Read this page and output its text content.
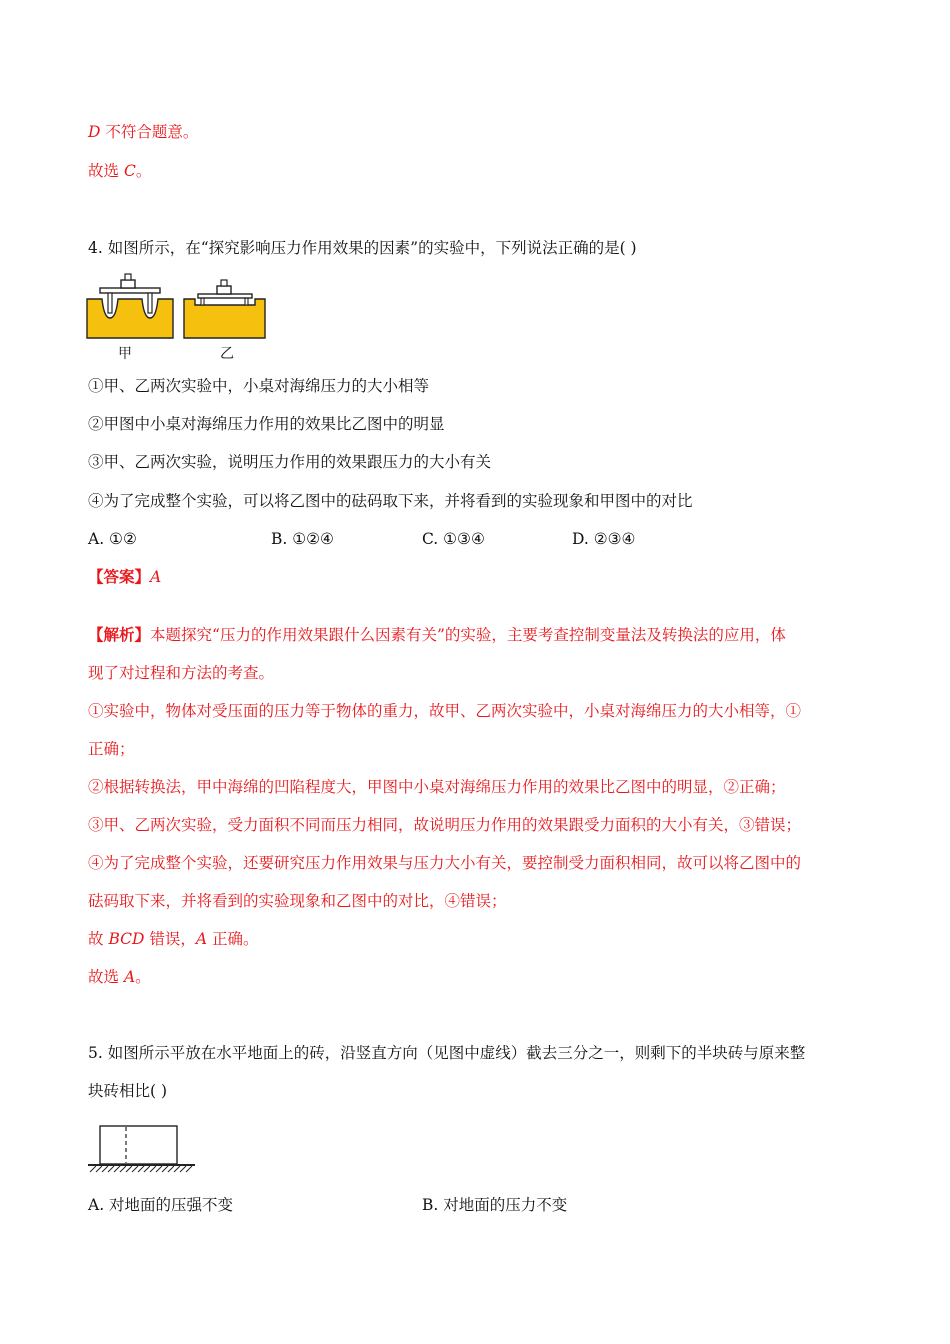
D 不符合题意。
故选 C。
4. 如图所示，在“探究影响压力作用效果的因素”的实验中，下列说法正确的是( )
甲	乙
①甲、乙两次实验中，小桌对海绵压力的大小相等
②甲图中小桌对海绵压力作用的效果比乙图中的明显
③甲、乙两次实验，说明压力作用的效果跟压力的大小有关
④为了完成整个实验，可以将乙图中的砝码取下来，并将看到的实验现象和甲图中的对比
A. ①②	B. ①②④	C. ①③④	D. ②③④
【答案】A
【解析】本题探究“压力的作用效果跟什么因素有关”的实验，主要考查控制变量法及转换法的应用，体
现了对过程和方法的考查。
①实验中，物体对受压面的压力等于物体的重力，故甲、乙两次实验中，小桌对海绵压力的大小相等，①
正确；
②根据转换法，甲中海绵的凹陷程度大，甲图中小桌对海绵压力作用的效果比乙图中的明显，②正确；
③甲、乙两次实验，受力面积不同而压力相同，故说明压力作用的效果跟受力面积的大小有关，③错误；
④为了完成整个实验，还要研究压力作用效果与压力大小有关，要控制受力面积相同，故可以将乙图中的
砝码取下来，并将看到的实验现象和乙图中的对比，④错误；
故 BCD 错误，A 正确。
故选 A。
5. 如图所示平放在水平地面上的砖，沿竖直方向（见图中虚线）截去三分之一，则剩下的半块砖与原来整
块砖相比( )
A. 对地面的压强不变	B. 对地面的压力不变
